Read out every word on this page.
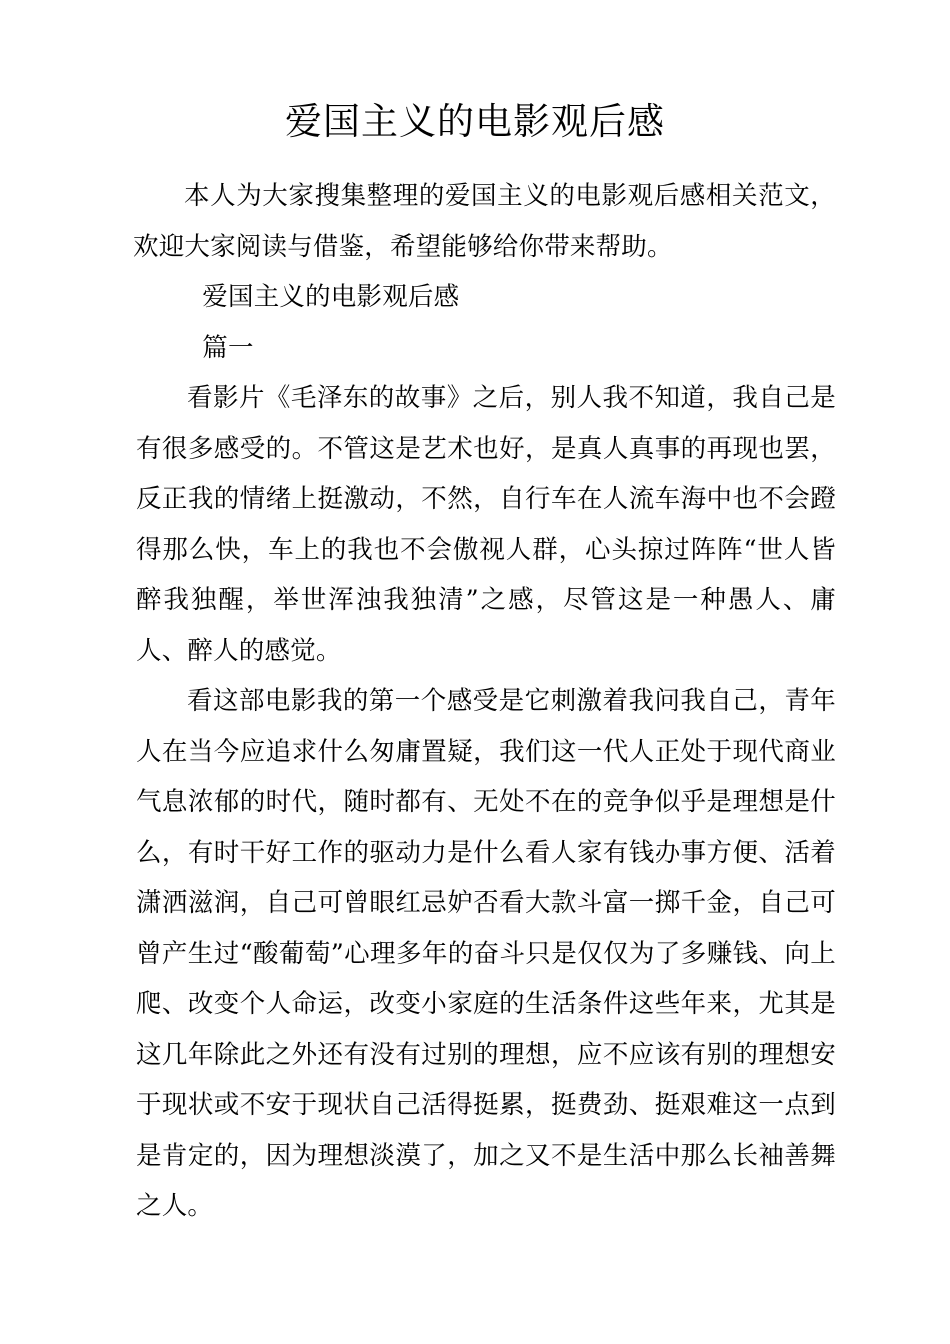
爱国主义的电影观后感

本人为大家搜集整理的爱国主义的电影观后感相关范文，欢迎大家阅读与借鉴，希望能够给你带来帮助。

爱国主义的电影观后感

篇一

看影片《毛泽东的故事》之后，别人我不知道，我自己是有很多感受的。不管这是艺术也好，是真人真事的再现也罢，反正我的情绪上挺激动，不然，自行车在人流车海中也不会蹬得那么快，车上的我也不会傲视人群，心头掠过阵阵“世人皆醉我独醒，举世浑浊我独清”之感，尽管这是一种愚人、庸人、醉人的感觉。

看这部电影我的第一个感受是它刺激着我问我自己，青年人在当今应追求什么匆庸置疑，我们这一代人正处于现代商业气息浓郁的时代，随时都有、无处不在的竞争似乎是理想是什么，有时干好工作的驱动力是什么看人家有钱办事方便、活着潇洒滋润，自己可曾眼红忌妒否看大款斗富一掷千金，自己可曾产生过“酸葡萄”心理多年的奋斗只是仅仅为了多赚钱、向上爬、改变个人命运，改变小家庭的生活条件这些年来，尤其是这几年除此之外还有没有过别的理想，应不应该有别的理想安于现状或不安于现状自己活得挺累，挺费劲、挺艰难这一点到是肯定的，因为理想淡漠了，加之又不是生活中那么长袖善舞之人。
